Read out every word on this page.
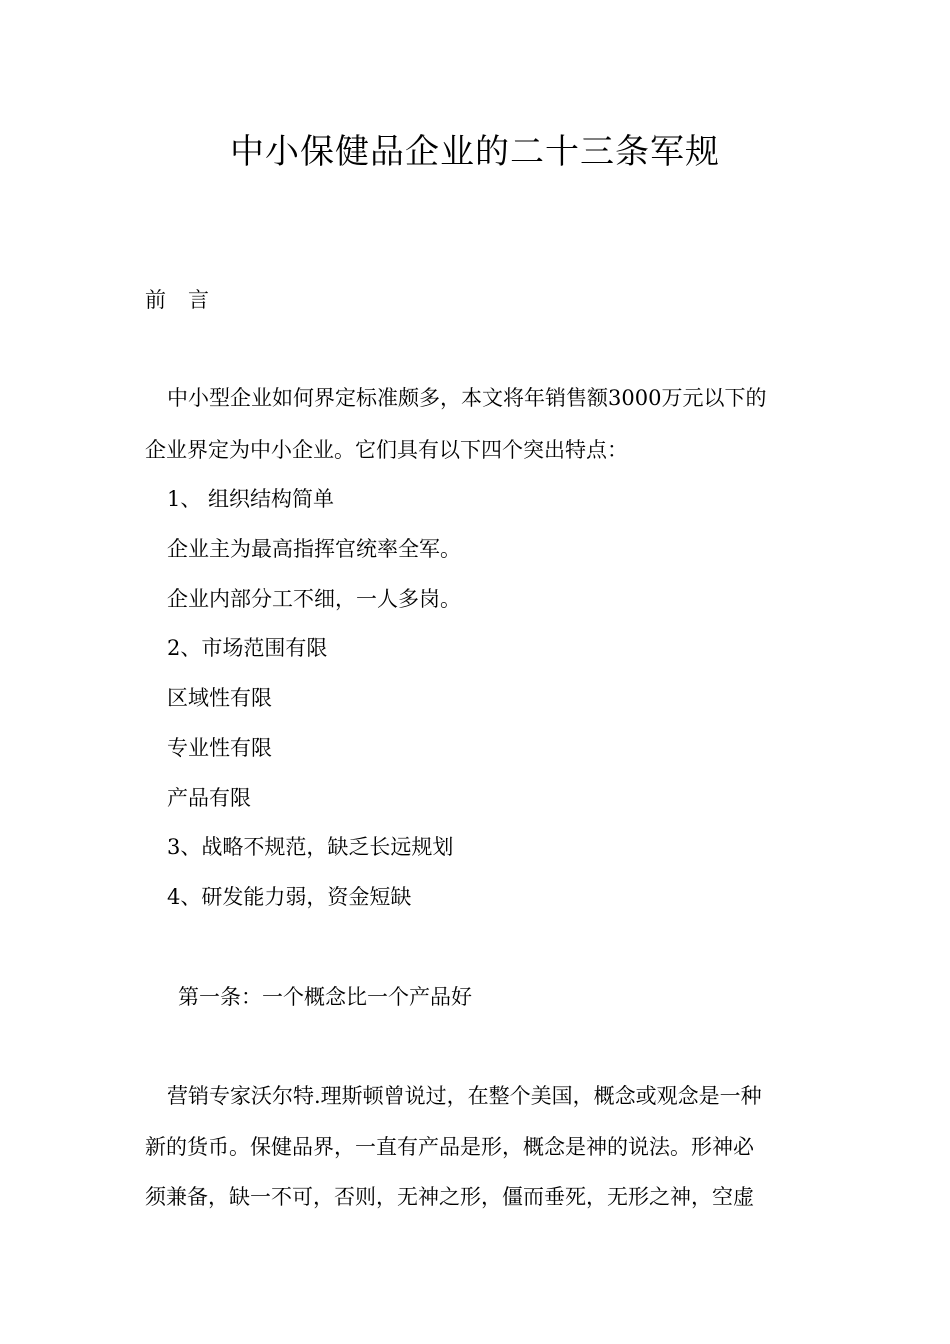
中小保健品企业的二十三条军规
前 言
中小型企业如何界定标准颇多，本文将年销售额3000万元以下的
企业界定为中小企业。它们具有以下四个突出特点：
1、 组织结构简单
企业主为最高指挥官统率全军。
企业内部分工不细，一人多岗。
2、市场范围有限
区域性有限
专业性有限
产品有限
3、战略不规范，缺乏长远规划
4、研发能力弱，资金短缺
第一条：一个概念比一个产品好
营销专家沃尔特.理斯顿曾说过，在整个美国，概念或观念是一种
新的货币。保健品界，一直有产品是形，概念是神的说法。形神必
须兼备，缺一不可，否则，无神之形，僵而垂死，无形之神，空虚
